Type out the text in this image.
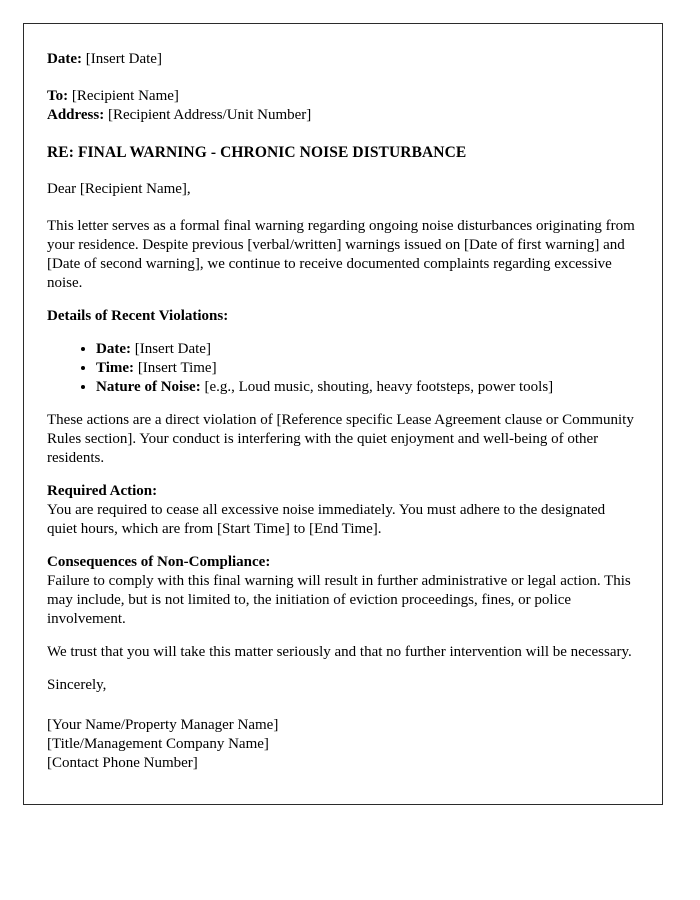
Date: [Insert Date]

To: [Recipient Name]

Address: [Recipient Address/Unit Number]

RE: FINAL WARNING - CHRONIC NOISE DISTURBANCE

Dear [Recipient Name],

This letter serves as a formal final warning regarding ongoing noise disturbances originating from your residence. Despite previous [verbal/written] warnings issued on [Date of first warning] and [Date of second warning], we continue to receive documented complaints regarding excessive noise.

Details of Recent Violations:

• Date: [Insert Date]
• Time: [Insert Time]
• Nature of Noise: [e.g., Loud music, shouting, heavy footsteps, power tools]

These actions are a direct violation of [Reference specific Lease Agreement clause or Community Rules section]. Your conduct is interfering with the quiet enjoyment and well-being of other residents.

Required Action:

You are required to cease all excessive noise immediately. You must adhere to the designated quiet hours, which are from [Start Time] to [End Time].

Consequences of Non-Compliance:

Failure to comply with this final warning will result in further administrative or legal action. This may include, but is not limited to, the initiation of eviction proceedings, fines, or police involvement.

We trust that you will take this matter seriously and that no further intervention will be necessary.

Sincerely,

[Your Name/Property Manager Name]

[Title/Management Company Name]

[Contact Phone Number]
